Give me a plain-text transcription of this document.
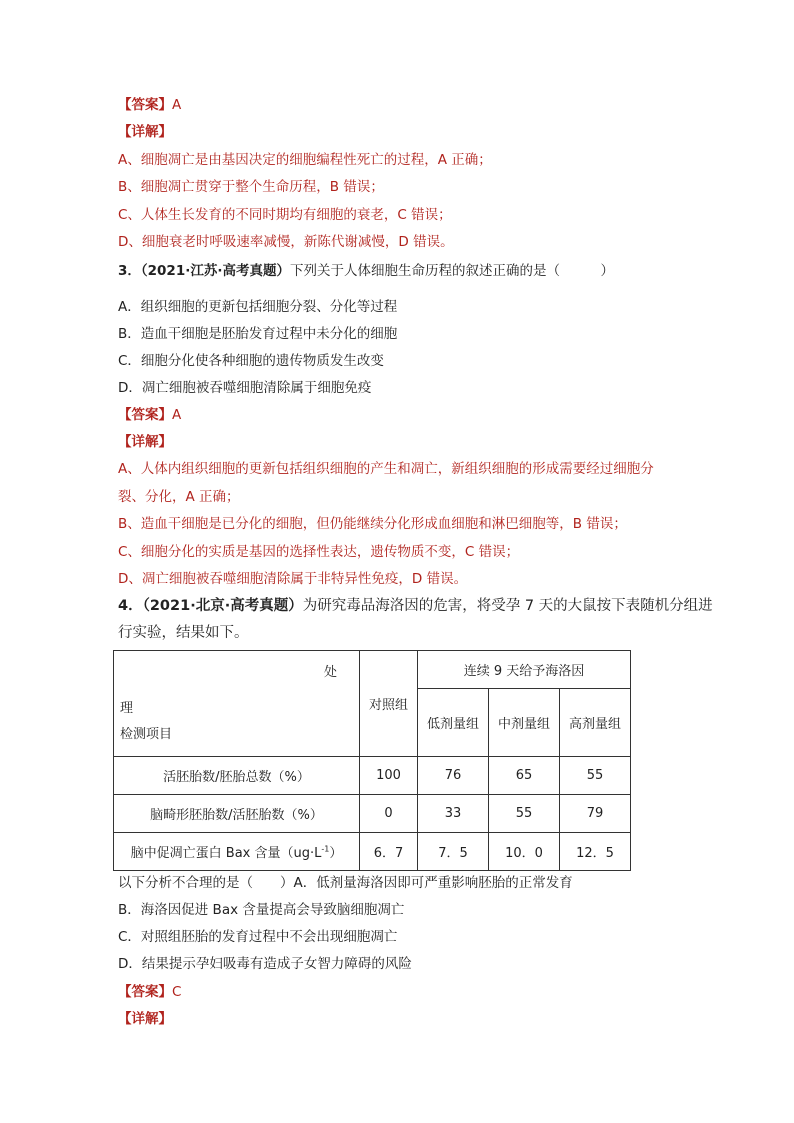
【答案】A
【详解】
A、细胞凋亡是由基因决定的细胞编程性死亡的过程，A 正确；
B、细胞凋亡贯穿于整个生命历程，B 错误；
C、人体生长发育的不同时期均有细胞的衰老，C 错误；
D、细胞衰老时呼吸速率减慢，新陈代谢减慢，D 错误。
3．（2021·江苏·高考真题）下列关于人体细胞生命历程的叙述正确的是（　　　）
A．组织细胞的更新包括细胞分裂、分化等过程
B．造血干细胞是胚胎发育过程中未分化的细胞
C．细胞分化使各种细胞的遗传物质发生改变
D．凋亡细胞被吞噬细胞清除属于细胞免疫
【答案】A
【详解】
A、人体内组织细胞的更新包括组织细胞的产生和凋亡，新组织细胞的形成需要经过细胞分
裂、分化，A 正确；
B、造血干细胞是已分化的细胞，但仍能继续分化形成血细胞和淋巴细胞等，B 错误；
C、细胞分化的实质是基因的选择性表达，遗传物质不变，C 错误；
D、凋亡细胞被吞噬细胞清除属于非特异性免疫，D 错误。
4．（2021·北京·高考真题）为研究毒品海洛因的危害，将受孕 7 天的大鼠按下表随机分组进
行实验，结果如下。
处
理
检测项目	对照组	连续 9 天给予海洛因		
		低剂量组	中剂量组	高剂量组
活胚胎数/胚胎总数（%）	100	76	65	55
脑畸形胚胎数/活胚胎数（%）	0	33	55	79
脑中促凋亡蛋白 Bax 含量$(ug\cdot L^{-1})$	6．7	7．5	10．0	12．5
以下分析不合理的是（　　）A．低剂量海洛因即可严重影响胚胎的正常发育
B．海洛因促进 Bax 含量提高会导致脑细胞凋亡
C．对照组胚胎的发育过程中不会出现细胞凋亡
D．结果提示孕妇吸毒有造成子女智力障碍的风险
【答案】C
【详解】
